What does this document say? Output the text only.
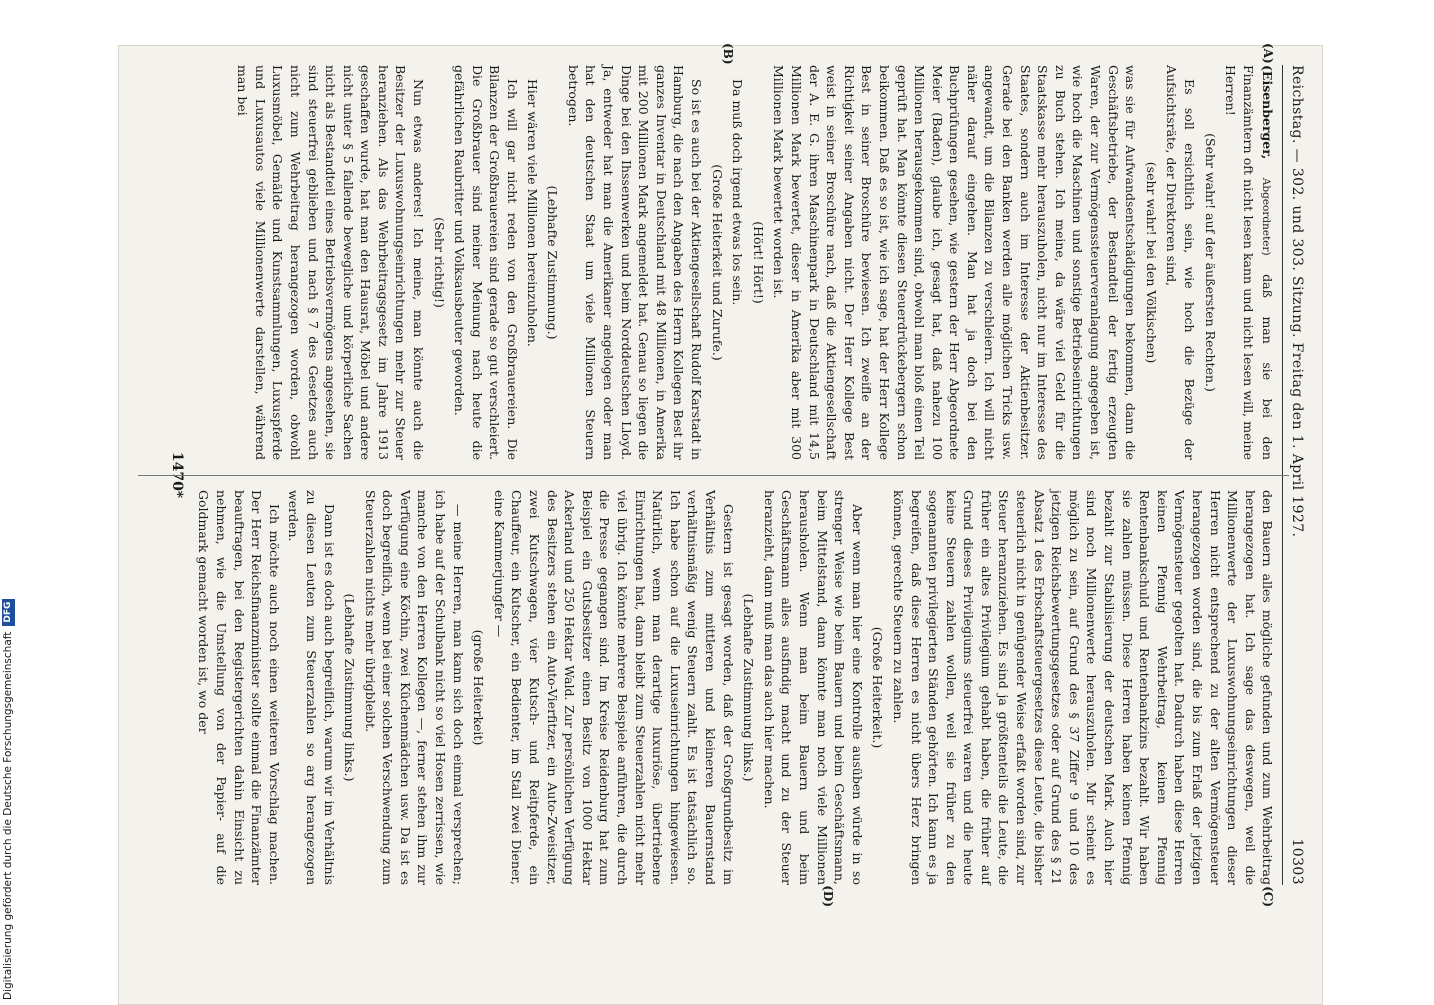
Reichstag. — 302. und 303. Sitzung. Freitag den 1. April 1927.
10303
(A)
(B)

(Eisenberger, Abgeordneter) daß man sie bei den Finanzämtern oft nicht lesen kann und nicht lesen will, meine Herren!

(Sehr wahr! auf der äußersten Rechten.)

Es soll ersichtlich sein, wie hoch die Bezüge der Aufsichtsräte, der Direktoren sind,

(sehr wahr! bei den Völkischen)

was sie für Aufwandsentschädigungen bekommen, dann die Geschäftsbetriebe, der Bestandteil der fertig erzeugten Waren, der zur Vermögenssteuerveranlagung angegeben ist, wie hoch die Maschinen und sonstige Betriebseinrichtungen zu Buch stehen. Ich meine, da wäre viel Geld für die Staatskasse mehr herauszuholen, nicht nur im Interesse des Staates, sondern auch im Interesse der Aktienbesitzer. Gerade bei den Banken werden alle möglichen Tricks usw. angewandt, um die Bilanzen zu verschleiern. Ich will nicht näher darauf eingehen. Man hat ja doch bei den Buchprüfungen gesehen, wie gestern der Herr Abgeordnete Meier (Baden), glaube ich, gesagt hat, daß nahezu 100 Millionen herausgekommen sind, obwohl man bloß einen Teil geprüft hat. Man könnte diesen Steuerdrückebergern schon beikommen. Daß es so ist, wie ich sage, hat der Herr Kollege Best in seiner Broschüre bewiesen. Ich zweifle an der Richtigkeit seiner Angaben nicht. Der Herr Kollege Best weist in seiner Broschüre nach, daß die Aktiengesellschaft der A. E. G. ihren Maschinenpark in Deutschland mit 14,5 Millionen Mark bewertet, dieser in Amerika aber mit 300 Millionen Mark bewertet worden ist.

(Hört! Hört!)

Da muß doch irgend etwas los sein.

(Große Heiterkeit und Zurufe.)

So ist es auch bei der Aktiengesellschaft Rudolf Karstadt in Hamburg, die nach den Angaben des Herrn Kollegen Best ihr ganzes Inventar in Deutschland mit 48 Millionen, in Amerika mit 200 Millionen Mark angemeldet hat. Genau so liegen die Dinge bei den Ihssenwerken und beim Norddeutschen Lloyd. Ja, entweder hat man die Amerikaner angelogen oder man hat den deutschen Staat um viele Millionen Steuern betrogen.

(Lebhafte Zustimmung.)

Hier wären viele Millionen hereinzuholen.

Ich will gar nicht reden von den Großbrauereien. Die Bilanzen der Großbrauereien sind gerade so gut verschleiert. Die Großbrauer sind meiner Meinung nach heute die gefährlichen Raubritter und Volksausbeuter geworden.

(Sehr richtig!)

Nun etwas anderes! Ich meine, man könnte auch die Besitzer der Luxuswohnungseinrichtungen mehr zur Steuer heranziehen. Als das Wehrbeitragsgesetz im Jahre 1913 geschaffen wurde, hat man den Hausrat, Möbel und andere nicht unter § 5 fallende bewegliche und körperliche Sachen nicht als Bestandteil eines Betriebsvermögens angesehen, sie sind steuerfrei geblieben und nach § 7 des Gesetzes auch nicht zum Wehrbeitrag herangezogen worden, obwohl Luxusmöbel, Gemälde und Kunstsammlungen, Luxuspferde und Luxusautos viele Millionenwerte darstellen, während man bei

(C)
(D)

den Bauern alles mögliche gefunden und zum Wehrbeitrag herangezogen hat. Ich sage das deswegen, weil die Millionenwerte der Luxuswohnungseinrichtungen dieser Herren nicht entsprechend zu der alten Vermögensteuer herangezogen worden sind, die bis zum Erlaß der jetzigen Vermögensteuer gegolten hat. Dadurch haben diese Herren keinen Pfennig Wehrbeitrag, keinen Pfennig Rentenbankschuld und Rentenbankzins bezahlt. Wir haben sie zahlen müssen. Diese Herren haben keinen Pfennig bezahlt zur Stabilisierung der deutschen Mark. Auch hier sind noch Millionenwerte herauszuholen. Mir scheint es möglich zu sein, auf Grund des § 37 Ziffer 9 und 10 des jetzigen Reichsbewertungsgesetzes oder auf Grund des § 21 Absatz 1 des Erbschaftsteuergesetzes diese Leute, die bisher steuerlich nicht in genügender Weise erfaßt worden sind, zur Steuer heranzuziehen. Es sind ja größtenteils die Leute, die früher ein altes Privilegium gehabt haben, die früher auf Grund dieses Privilegiums steuerfrei waren und die heute keine Steuern zahlen wollen, weil sie früher zu den sogenannten privilegierten Ständen gehörten. Ich kann es ja begreifen, daß diese Herren es nicht übers Herz bringen können, gerechte Steuern zu zahlen.

(Große Heiterkeit.)

Aber wenn man hier eine Kontrolle ausüben würde in so strenger Weise wie beim Bauern und beim Geschäftsmann, beim Mittelstand, dann könnte man noch viele Millionen herausholen. Wenn man beim Bauern und beim Geschäftsmann alles ausfindig macht und zu der Steuer heranzieht, dann muß man das auch hier machen.

(Lebhafte Zustimmung links.)

Gestern ist gesagt worden, daß der Großgrundbesitz im Verhältnis zum mittleren und kleineren Bauernstand verhältnismäßig wenig Steuern zahlt. Es ist tatsächlich so. Ich habe schon auf die Luxuseinrichtungen hingewiesen. Natürlich, wenn man derartige luxuriöse, übertriebene Einrichtungen hat, dann bleibt zum Steuerzahlen nicht mehr viel übrig. Ich könnte mehrere Beispiele anführen, die durch die Presse gegangen sind. Im Kreise Reidenburg hat zum Beispiel ein Gutsbesitzer einen Besitz von 1000 Hektar Ackerland und 250 Hektar Wald. Zur persönlichen Verfügung des Besitzers stehen ein Auto-Vierfitzer, ein Auto-Zweisitzer, zwei Kutschwagen, vier Kutsch- und Reitpferde, ein Chauffeur, ein Kutscher, ein Bedienter, im Stall zwei Diener, eine Kammerjungfer —

(große Heiterkeit)

— meine Herren, man kann sich doch einmal versprechen; ich habe auf der Schulbank nicht so viel Hosen zerrissen, wie manche von den Herren Kollegen —, ferner stehen ihm zur Verfügung eine Köchin, zwei Küchenmädchen usw. Da ist es doch begreiflich, wenn bei einer solchen Verschwendung zum Steuerzahlen nichts mehr übrigbleibt.

(Lebhafte Zustimmung links.)

Dann ist es doch auch begreiflich, warum wir im Verhältnis zu diesen Leuten zum Steuerzahlen so arg herangezogen werden.

Ich möchte auch noch einen weiteren Vorschlag machen. Der Herr Reichsfinanzminister sollte einmal die Finanzämter beauftragen, bei den Registergerichten dahin Einsicht zu nehmen, wie die Umstellung von der Papier- auf die Goldmark gemacht worden ist, wo der

1470*
Digitalisierung gefördert durch die Deutsche Forschungsgemeinschaft
DFG
